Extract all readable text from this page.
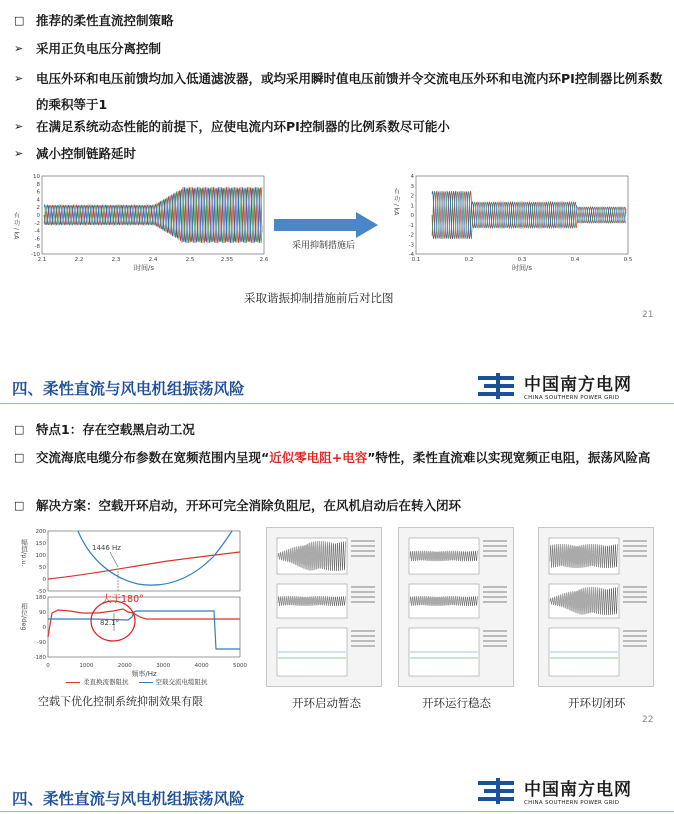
□ 推荐的柔性直流控制策略
➢	采用正负电压分离控制
➢	电压外环和电压前馈均加入低通滤波器，或均采用瞬时值电压前馈并令交流电压外环和电流内环PI控制器比例系数的乘积等于1
➢	在满足系统动态性能的前提下，应使电流内环PI控制器的比例系数尽可能小
➢	减小控制链路延时
有 功 / kA
10
8
6
4
2
0
-2
-4
-6
-8
-10
2.1	2.2	2.3	2.4	2.5	2.55	2.6
时间/s
采用抑制措施后
有 功 / kA
4
3
2
1
0
-1
-2
-3
-4
0.1	0.2	0.3	0.4	0.5
时间/s
采取谐振抑制措施前后对比图
21
四、柔性直流与风电机组振荡风险	中国南方电网
CHINA SOUTHERN POWER GRID
□ 特点1：存在空载黑启动工况
□ 交流海底电缆分布参数在宽频范围内呈现“近似零电阻+电容”特性，柔性直流难以实现宽频正电阻，振荡风险高
□ 解决方案：空载开环启动，开环可完全消除负阻尼，在风机启动后在转入闭环
幅值/p.u.
200
150
100
50
0
-50
1446 Hz
相位/deg
180
90
0
-90
-180
82.1°
大于180°
0	1000	2000	3000	4000	5000
频率/Hz
柔直换流器阻抗	空载交流电缆阻抗
空载下优化控制系统抑制效果有限	开环启动暂态	开环运行稳态	开环切闭环
22
四、柔性直流与风电机组振荡风险	中国南方电网
CHINA SOUTHERN POWER GRID
